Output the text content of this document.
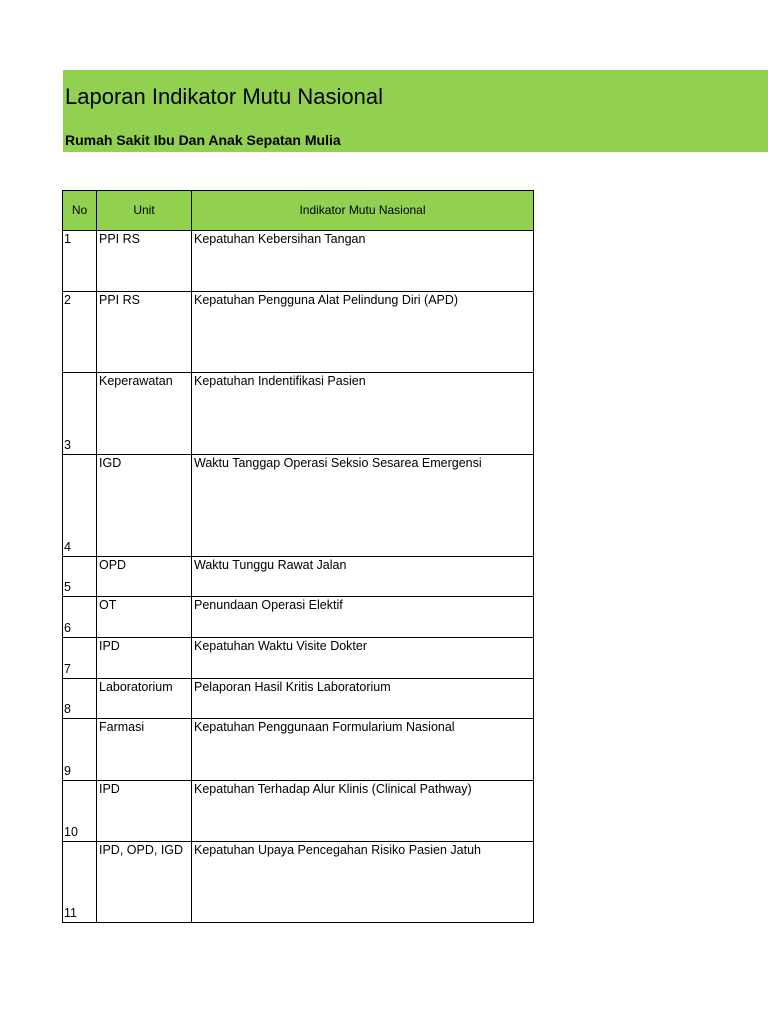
Laporan Indikator Mutu Nasional
Rumah Sakit Ibu Dan Anak Sepatan Mulia
No	Unit	Indikator Mutu Nasional
1	PPI RS	Kepatuhan Kebersihan Tangan
2	PPI RS	Kepatuhan Pengguna Alat Pelindung Diri (APD)
3	Keperawatan	Kepatuhan Indentifikasi Pasien
4	IGD	Waktu Tanggap Operasi Seksio Sesarea Emergensi
5	OPD	Waktu Tunggu Rawat Jalan
6	OT	Penundaan Operasi Elektif
7	IPD	Kepatuhan Waktu Visite Dokter
8	Laboratorium	Pelaporan Hasil Kritis Laboratorium
9	Farmasi	Kepatuhan Penggunaan Formularium Nasional
10	IPD	Kepatuhan Terhadap Alur Klinis (Clinical Pathway)
11	IPD, OPD, IGD	Kepatuhan Upaya Pencegahan Risiko Pasien Jatuh
